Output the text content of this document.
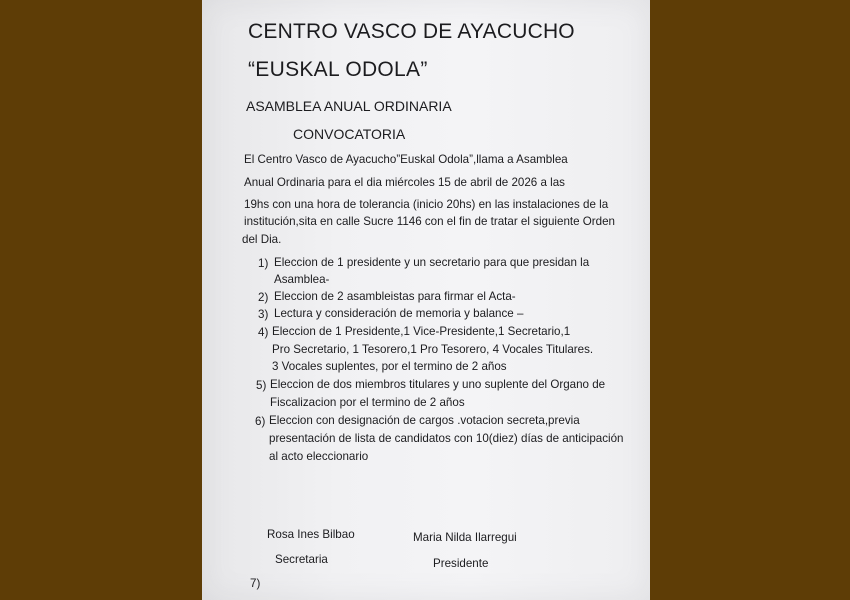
CENTRO VASCO DE AYACUCHO
“EUSKAL ODOLA”
ASAMBLEA ANUAL ORDINARIA
CONVOCATORIA
El Centro Vasco de Ayacucho”Euskal Odola”,llama a Asamblea
Anual Ordinaria para el dia miércoles 15 de abril de 2026 a las
19hs con una hora de tolerancia (inicio 20hs) en las instalaciones de la
institución,sita en calle Sucre 1146 con el fin de tratar el siguiente Orden
del Dia.
1) Eleccion de 1 presidente y un secretario para que presidan la
Asamblea-
2) Eleccion de 2 asambleistas para firmar el Acta-
3) Lectura y consideración de memoria y balance –
4) Eleccion de 1 Presidente,1 Vice-Presidente,1 Secretario,1
Pro Secretario, 1 Tesorero,1 Pro Tesorero, 4 Vocales Titulares.
3 Vocales suplentes, por el termino de 2 años
5) Eleccion de dos miembros titulares y uno suplente del Organo de
Fiscalizacion por el termino de 2 años
6) Eleccion con designación de cargos .votacion secreta,previa
presentación de lista de candidatos con 10(diez) días de anticipación
al acto eleccionario
Rosa Ines Bilbao
Secretaria
Maria Nilda Ilarregui
Presidente
7)
